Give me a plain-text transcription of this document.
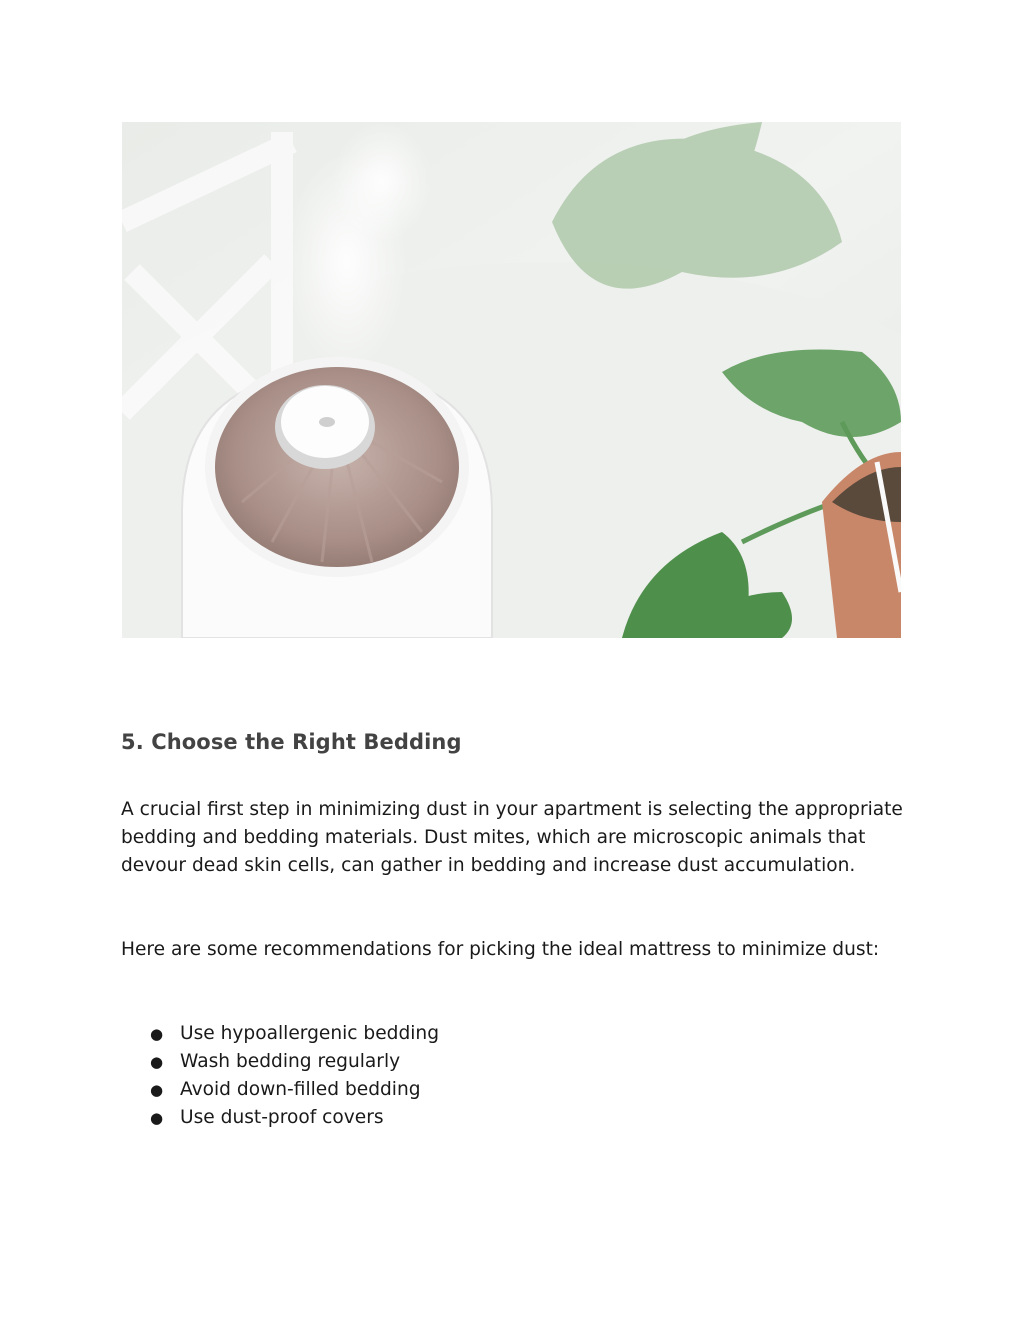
5. Choose the Right Bedding

A crucial first step in minimizing dust in your apartment is selecting the appropriate bedding and bedding materials. Dust mites, which are microscopic animals that devour dead skin cells, can gather in bedding and increase dust accumulation.

Here are some recommendations for picking the ideal mattress to minimize dust:

● Use hypoallergenic bedding
● Wash bedding regularly
● Avoid down-filled bedding
● Use dust-proof covers
